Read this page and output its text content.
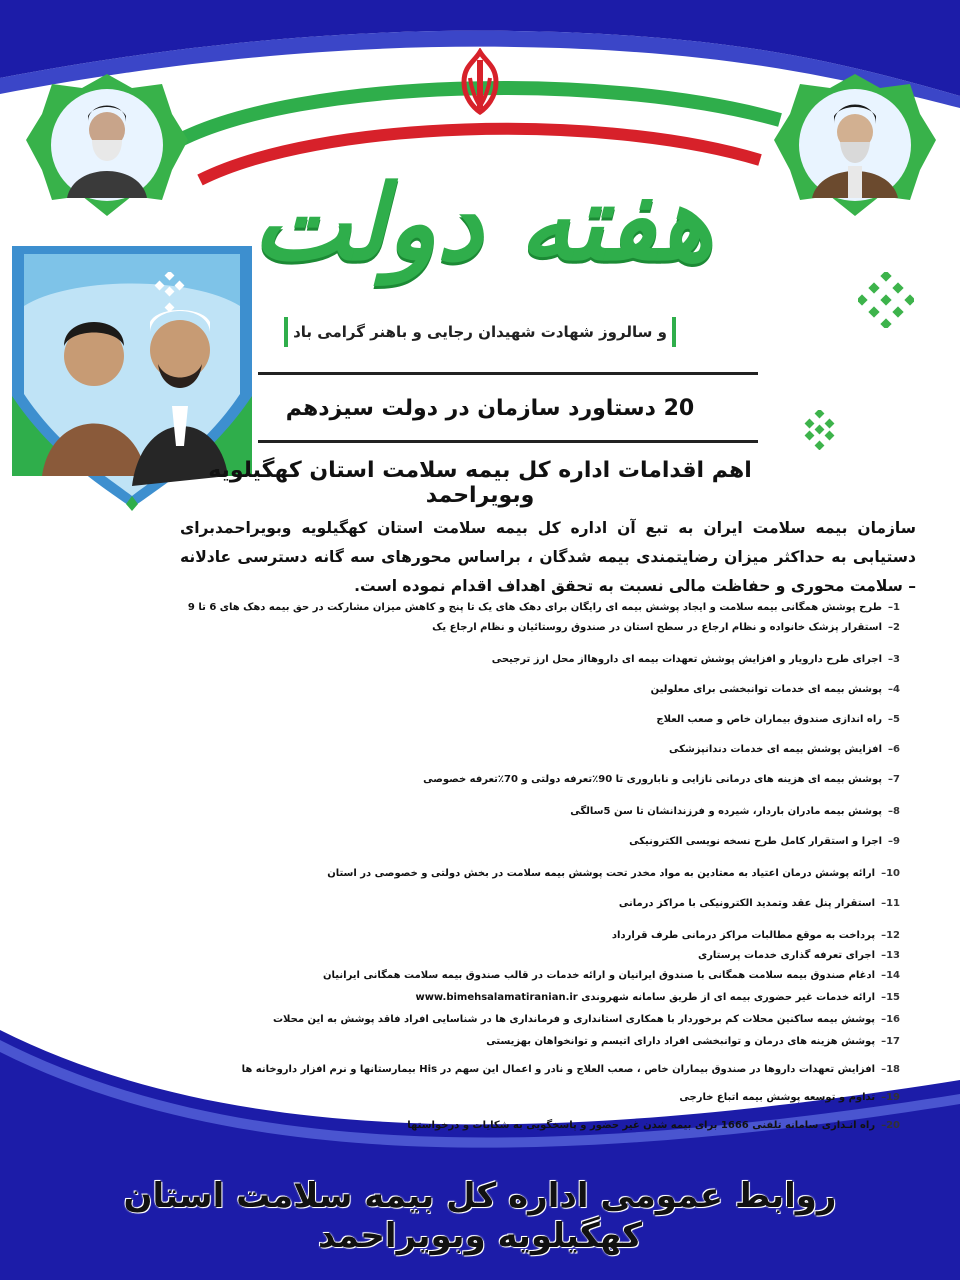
هفته دولت
و سالروز شهادت شهیدان رجایی و باهنر گرامی باد
20 دستاورد سازمان در دولت سیزدهم
اهم اقدامات اداره کل بیمه سلامت استان کهگیلویه وبویراحمد
سازمان بیمه سلامت ایران به تبع آن اداره کل بیمه سلامت استان کهگیلویه وبویراحمدبرای دستیابی به حداکثر میزان رضایتمندی بیمه شدگان ، براساس محورهای سه گانه دسترسی عادلانه – سلامت محوری و حفاظت مالی نسبت به تحقق اهداف اقدام نموده است.
1–طرح پوشش همگانی بیمه سلامت و ایجاد پوشش بیمه ای رایگان برای دهک های یک تا پنج و کاهش میزان مشارکت در حق بیمه دهک های 6 تا 9
2–استقرار پزشک خانواده و نظام ارجاع در سطح استان در صندوق روستائیان و نظام ارجاع یک
3–اجرای طرح دارویار و افزایش پوشش تعهدات بیمه ای داروهااز محل ارز ترجیحی
4–پوشش بیمه ای خدمات توانبخشی برای معلولین
5–راه اندازی صندوق بیماران خاص و صعب العلاج
6–افزایش پوشش بیمه ای خدمات دندانپزشکی
7–پوشش بیمه ای هزینه های درمانی نازایی و ناباروری تا 90٪تعرفه دولتی و 70٪تعرفه خصوصی
8–پوشش بیمه مادران باردار، شیرده و فرزندانشان تا سن 5سالگی
9–اجرا و استقرار کامل طرح نسخه نویسی الکترونیکی
10–ارائه پوشش درمان اعتیاد به معتادین به مواد مخدر تحت پوشش بیمه سلامت در بخش دولتی و خصوصی در استان
11–استقرار پنل عقد وتمدید الکترونیکی با مراکز درمانی
12–پرداخت به موقع مطالبات مراکز درمانی طرف قرارداد
13–اجرای تعرفه گذاری خدمات پرستاری
14–ادغام صندوق بیمه سلامت همگانی با صندوق ایرانیان و ارائه خدمات در قالب صندوق بیمه سلامت همگانی ایرانیان
15–ارائه خدمات غیر حضوری بیمه ای از طریق سامانه شهروندی www.bimehsalamatiranian.ir
16–پوشش بیمه ساکنین محلات کم برخوردار با همکاری استانداری و فرمانداری ها در شناسایی افراد فاقد پوشش به این محلات
17–پوشش هزینه های درمان و توانبخشی افراد دارای اتیسم و توانخواهان بهزیستی
18–افزایش تعهدات داروها در صندوق بیماران خاص ، صعب العلاج و نادر و اعمال این سهم در His بیمارستانها و نرم افزار داروخانه ها
19–تداوم و توسعه پوشش بیمه اتباع خارجی
20–راه انـدازی سامانه تلفنی 1666 برای بیمه شدن غیر حضور و پاسخگویی به شکایات و درخواستها
روابط عمومی اداره کل بیمه سلامت استان کهگیلویه وبویراحمد
